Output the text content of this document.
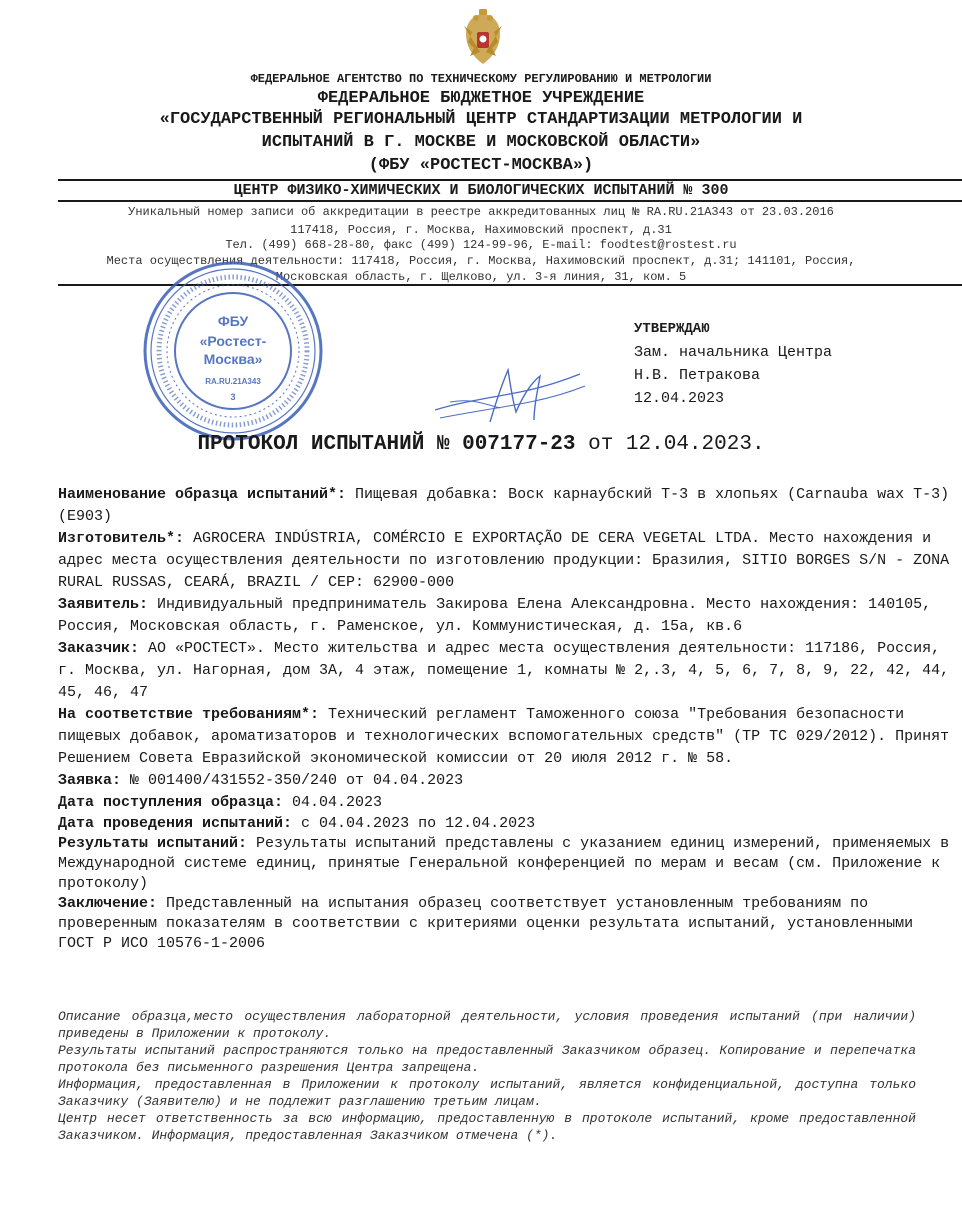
ФЕДЕРАЛЬНОЕ АГЕНТСТВО ПО ТЕХНИЧЕСКОМУ РЕГУЛИРОВАНИЮ И МЕТРОЛОГИИ
ФЕДЕРАЛЬНОЕ БЮДЖЕТНОЕ УЧРЕЖДЕНИЕ
«ГОСУДАРСТВЕННЫЙ РЕГИОНАЛЬНЫЙ ЦЕНТР СТАНДАРТИЗАЦИИ МЕТРОЛОГИИ И
ИСПЫТАНИЙ В Г. МОСКВЕ И МОСКОВСКОЙ ОБЛАСТИ»
(ФБУ «РОСТЕСТ-МОСКВА»)
ЦЕНТР ФИЗИКО-ХИМИЧЕСКИХ И БИОЛОГИЧЕСКИХ ИСПЫТАНИЙ № 300
Уникальный номер записи об аккредитации в реестре аккредитованных лиц № RA.RU.21А343 от 23.03.2016
117418, Россия, г. Москва, Нахимовский проспект, д.31
Тел. (499) 668-28-80, факс (499) 124-99-96, E-mail: foodtest@rostest.ru
Места осуществления деятельности: 117418, Россия, г. Москва, Нахимовский проспект, д.31; 141101, Россия,
Московская область, г. Щелково, ул. 3-я линия, 31, ком. 5
ФБУ
«Ростест-
Москва»
RA.RU.21А343
3
УТВЕРЖДАЮ
Зам. начальника Центра
Н.В. Петракова
12.04.2023
ПРОТОКОЛ ИСПЫТАНИЙ № 007177-23 от 12.04.2023.

Наименование образца испытаний*: Пищевая добавка: Воск карнаубский Т-3 в хлопьях (Carnauba wax T-3) (E903)

Изготовитель*: AGROCERA INDÚSTRIA, COMÉRCIO E EXPORTAÇÃO DE CERA VEGETAL LTDA. Место нахождения и адрес места осуществления деятельности по изготовлению продукции: Бразилия, SITIO BORGES S/N - ZONA RURAL RUSSAS, CEARÁ, BRAZIL / CEP: 62900-000

Заявитель: Индивидуальный предприниматель Закирова Елена Александровна. Место нахождения: 140105, Россия, Московская область, г. Раменское, ул. Коммунистическая, д. 15а, кв.6

Заказчик: АО «РОСТЕСТ». Место жительства и адрес места осуществления деятельности: 117186, Россия, г. Москва, ул. Нагорная, дом 3А, 4 этаж, помещение 1, комнаты № 2,.3, 4, 5, 6, 7, 8, 9, 22, 42, 44, 45, 46, 47

На соответствие требованиям*: Технический регламент Таможенного союза "Требования безопасности пищевых добавок, ароматизаторов и технологических вспомогательных средств" (ТР ТС 029/2012). Принят Решением Совета Евразийской экономической комиссии от 20 июля 2012 г. № 58.

Заявка: № 001400/431552-350/240 от 04.04.2023

Дата поступления образца: 04.04.2023

Дата проведения испытаний: с 04.04.2023 по 12.04.2023

Результаты испытаний: Результаты испытаний представлены с указанием единиц измерений, применяемых в Международной системе единиц, принятые Генеральной конференцией по мерам и весам (см. Приложение к протоколу)

Заключение: Представленный на испытания образец соответствует установленным требованиям по проверенным показателям в соответствии с критериями оценки результата испытаний, установленными ГОСТ Р ИСО 10576-1-2006

Описание образца,место осуществления лабораторной деятельности, условия проведения испытаний (при наличии) приведены в Приложении к протоколу.

Результаты испытаний распространяются только на предоставленный Заказчиком образец. Копирование и перепечатка протокола без письменного разрешения Центра запрещена.

Информация, предоставленная в Приложении к протоколу испытаний, является конфиденциальной, доступна только Заказчику (Заявителю) и не подлежит разглашению третьим лицам.

Центр несет ответственность за всю информацию, предоставленную в протоколе испытаний, кроме предоставленной Заказчиком. Информация, предоставленная Заказчиком отмечена (*).
